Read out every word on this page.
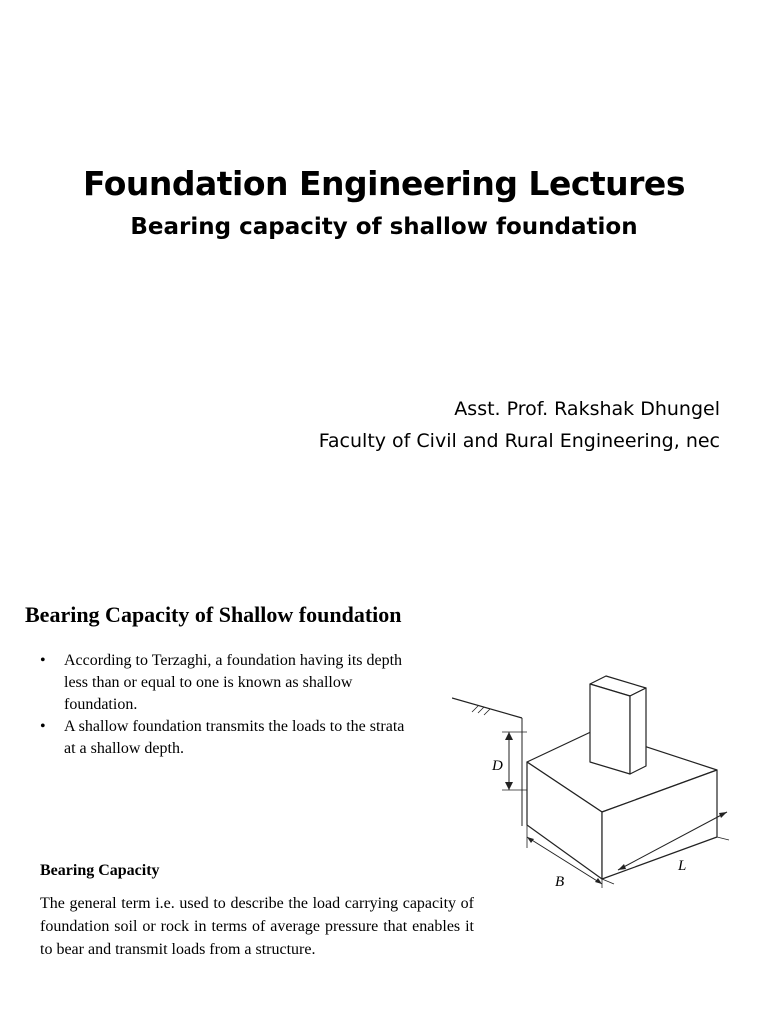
Foundation Engineering Lectures
Bearing capacity of shallow foundation

Asst. Prof. Rakshak Dhungel

Faculty of Civil and Rural Engineering, nec

Bearing Capacity of Shallow foundation
• According to Terzaghi, a foundation having its depth less than or equal to one is known as shallow foundation.
• A shallow foundation transmits the loads to the strata at a shallow depth.
D
B
L
Bearing Capacity

The general term i.e. used to describe the load carrying capacity of foundation soil or rock in terms of average pressure that enables it to bear and transmit loads from a structure.
